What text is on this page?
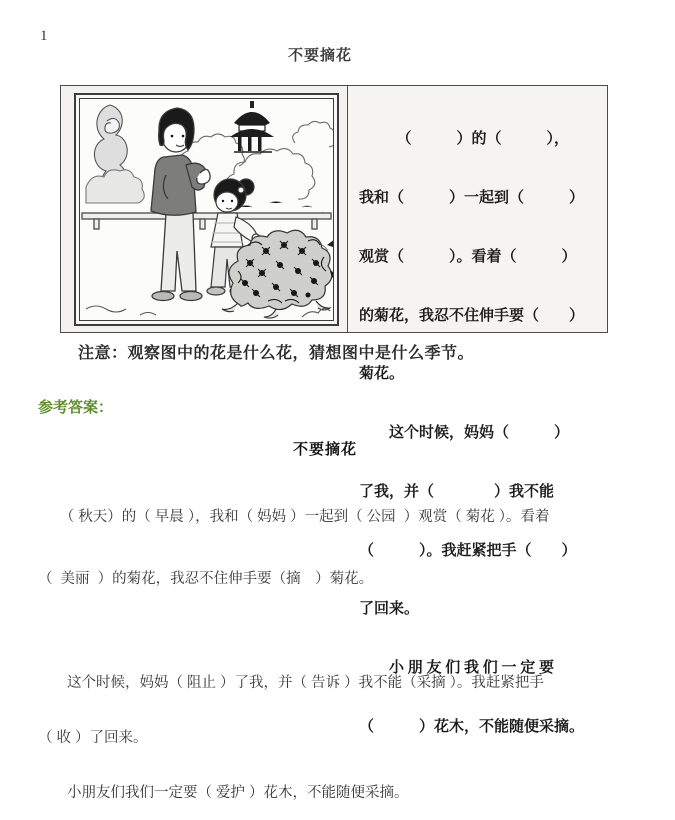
1
不要摘花

　　　（　　　）的（　　　），

我和（　　　）一起到（　　　）

观赏（　　　）。看着（　　　）

的菊花，我忍不住伸手要（　　）

菊花。

　　这个时候，妈妈（　　　）

了我，并（　　　　）我不能

（　　　）。我赶紧把手（　　）

了回来。

　　小 朋 友 们 我 们 一 定 要

（　　　）花木，不能随便采摘。

注意：观察图中的花是什么花，猜想图中是什么季节。
参考答案：
不要摘花

　　（ 秋天）的（ 早晨 ），我和（ 妈妈 ）一起到（ 公园  ）观赏（ 菊花 ）。看着

（  美丽  ）的菊花，我忍不住伸手要（摘　）菊花。

　　这个时候，妈妈（ 阻止 ）了我，并（ 告诉 ）我不能（采摘 ）。我赶紧把手

（ 收 ）了回来。

　　小朋友们我们一定要（ 爱护 ）花木，不能随便采摘。
